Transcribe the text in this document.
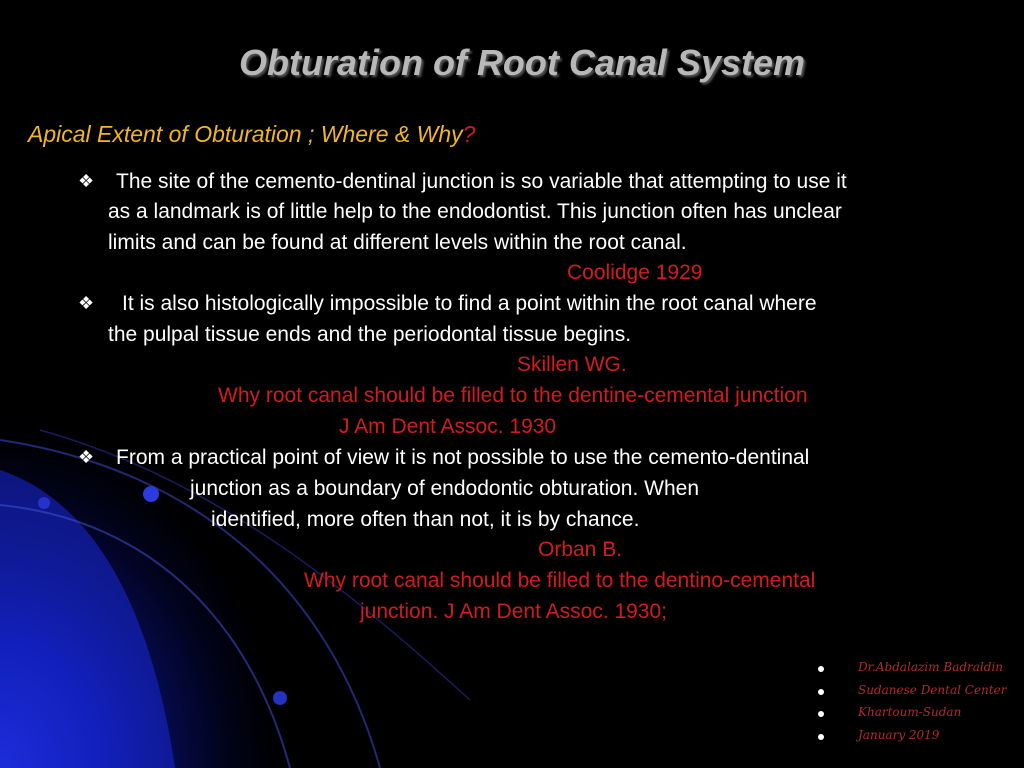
Obturation of Root Canal System
Apical Extent of Obturation ; Where & Why?
❖ The site of the cemento-dentinal junction is so variable that attempting to use it
as a landmark is of little help to the endodontist. This junction often has unclear
limits and can be found at different levels within the root canal.
Coolidge 1929
❖ It is also histologically impossible to find a point within the root canal where
the pulpal tissue ends and the periodontal tissue begins.
Skillen WG.
Why root canal should be filled to the dentine-cemental junction
J Am Dent Assoc. 1930
❖ From a practical point of view it is not possible to use the cemento-dentinal
junction as a boundary of endodontic obturation. When
identified, more often than not, it is by chance.
Orban B.
Why root canal should be filled to the dentino-cemental
junction. J Am Dent Assoc. 1930;
Dr.Abdalazim Badraldin
Sudanese Dental Center
Khartoum-Sudan
January 2019
